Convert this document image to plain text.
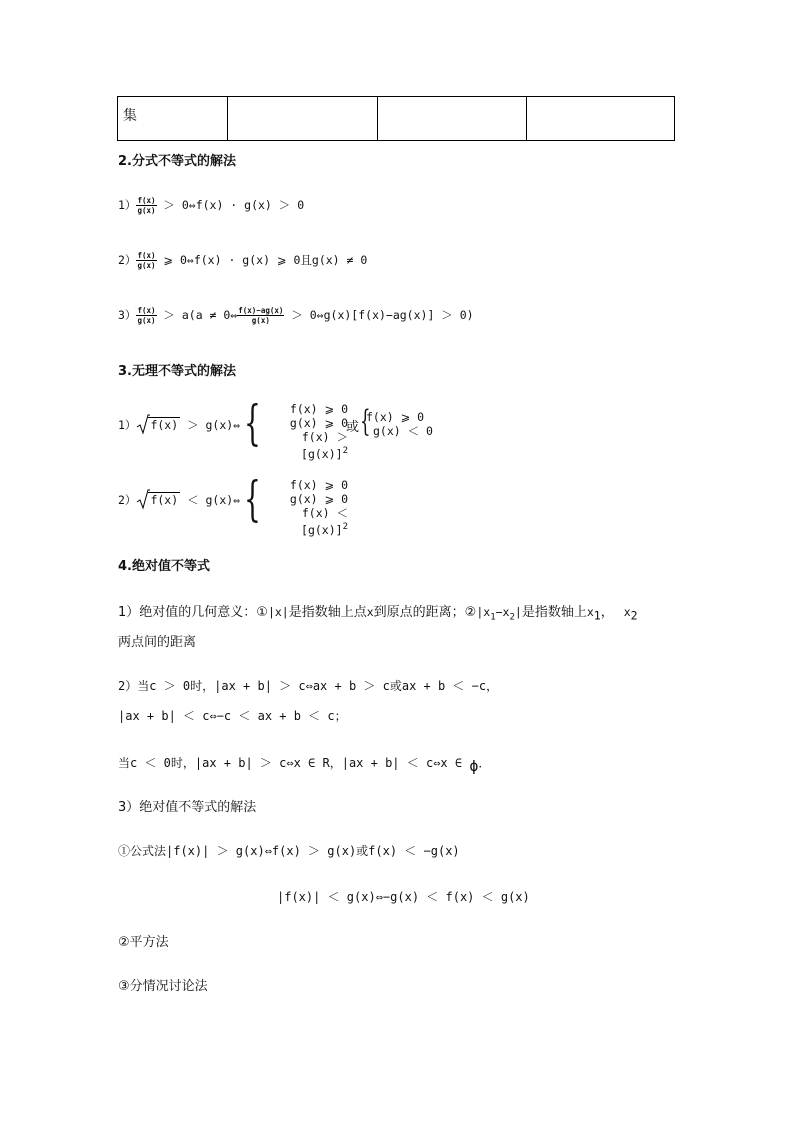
集			
2.分式不等式的解法
$1) \frac{f(x)}{g(x)}$ ＞ 0⇔f(x) · g(x) ＞ 0
$2) \frac{f(x)}{g(x)}$ ⩾ 0⇔f(x) · g(x) ⩾ 0且g(x) ≠ 0
$3) \frac{f(x)}{g(x)} > a(a$ ≠ 0⇔ $\frac{f(x)-ag(x)}{g(x)}$ ＞ 0⇔g(x)[f(x)−ag(x)] ＞ 0)
3.无理不等式的解法
1） f(x) ＞ g(x)⇔ {	f(x) ⩾ 0
g(x) ⩾ 0
$f(x) > [g(x)]^2$
或 {
f(x) ⩾ 0
g(x) ＜ 0
2） f(x) ＜ g(x)⇔ {	f(x) ⩾ 0
g(x) ⩾ 0
$f(x) < [g(x)]^2$
4.绝对值不等式
1）绝对值的几何意义：①|x|是指数轴上点x到原点的距离；$②|x_1-x_2|$是指数轴上$x_1$， $x_2$
两点间的距离
2）当c ＞ 0时，|ax + b| ＞ c⇔ax + b ＞ c或ax + b ＜ −c，
|ax + b| ＜ c⇔−c ＜ ax + b ＜ c；
当c ＜ 0时，|ax + b| ＞ c⇔x ∈ R，|ax + b| ＜ c⇔x ∈ ϕ．
3）绝对值不等式的解法
①公式法|f(x)| ＞ g(x)⇔f(x) ＞ g(x)或f(x) ＜ −g(x)
|f(x)| ＜ g(x)⇔−g(x) ＜ f(x) ＜ g(x)
②平方法
③分情况讨论法
